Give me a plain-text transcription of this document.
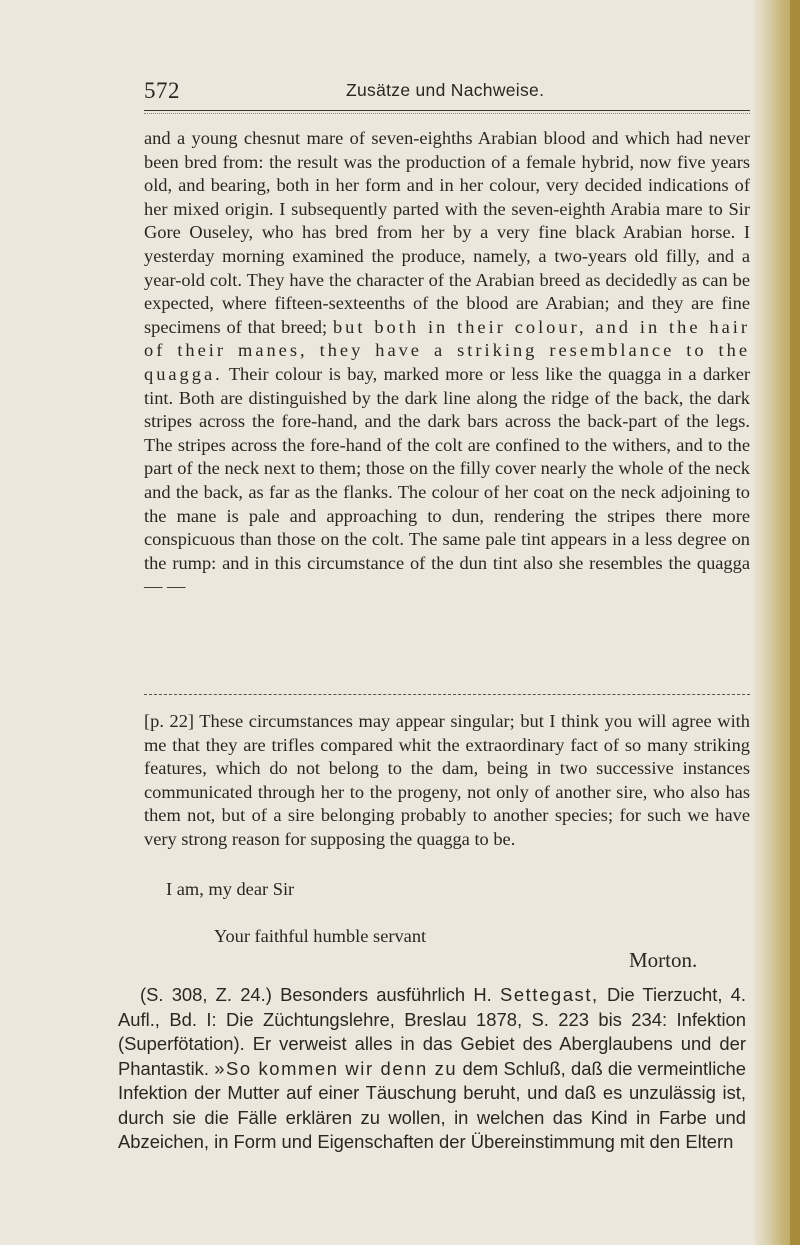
572	Zusätze und Nachweise.

and a young chesnut mare of seven-eighths Arabian blood and which had never been bred from: the result was the production of a female hybrid, now five years old, and bearing, both in her form and in her colour, very decided indications of her mixed origin. I subsequently parted with the seven-eighth Arabia mare to Sir Gore Ouseley, who has bred from her by a very fine black Arabian horse. I yesterday morning examined the produce, namely, a two-years old filly, and a year-old colt. They have the character of the Arabian breed as decidedly as can be expected, where fifteen-sexteenths of the blood are Arabian; and they are fine specimens of that breed; but both in their colour, and in the hair of their manes, they have a striking resemblance to the quagga. Their colour is bay, marked more or less like the quagga in a darker tint. Both are distinguished by the dark line along the ridge of the back, the dark stripes across the fore-hand, and the dark bars across the back-part of the legs. The stripes across the fore-hand of the colt are confined to the withers, and to the part of the neck next to them; those on the filly cover nearly the whole of the neck and the back, as far as the flanks. The colour of her coat on the neck adjoining to the mane is pale and approaching to dun, rendering the stripes there more conspicuous than those on the colt. The same pale tint appears in a less degree on the rump: and in this circumstance of the dun tint also she resembles the quagga — —

[p. 22] These circumstances may appear singular; but I think you will agree with me that they are trifles compared whit the extraordinary fact of so many striking features, which do not belong to the dam, being in two successive instances communicated through her to the progeny, not only of another sire, who also has them not, but of a sire belonging probably to another species; for such we have very strong reason for supposing the quagga to be.

I am, my dear Sir
Your faithful humble servant
Morton.

(S. 308, Z. 24.) Besonders ausführlich H. Settegast, Die Tierzucht, 4. Aufl., Bd. I: Die Züchtungslehre, Breslau 1878, S. 223 bis 234: Infektion (Superfötation). Er verweist alles in das Gebiet des Aberglaubens und der Phantastik. »So kommen wir denn zu dem Schluß, daß die vermeintliche Infektion der Mutter auf einer Täuschung beruht, und daß es unzulässig ist, durch sie die Fälle erklären zu wollen, in welchen das Kind in Farbe und Abzeichen, in Form und Eigenschaften der Übereinstimmung mit den Eltern
